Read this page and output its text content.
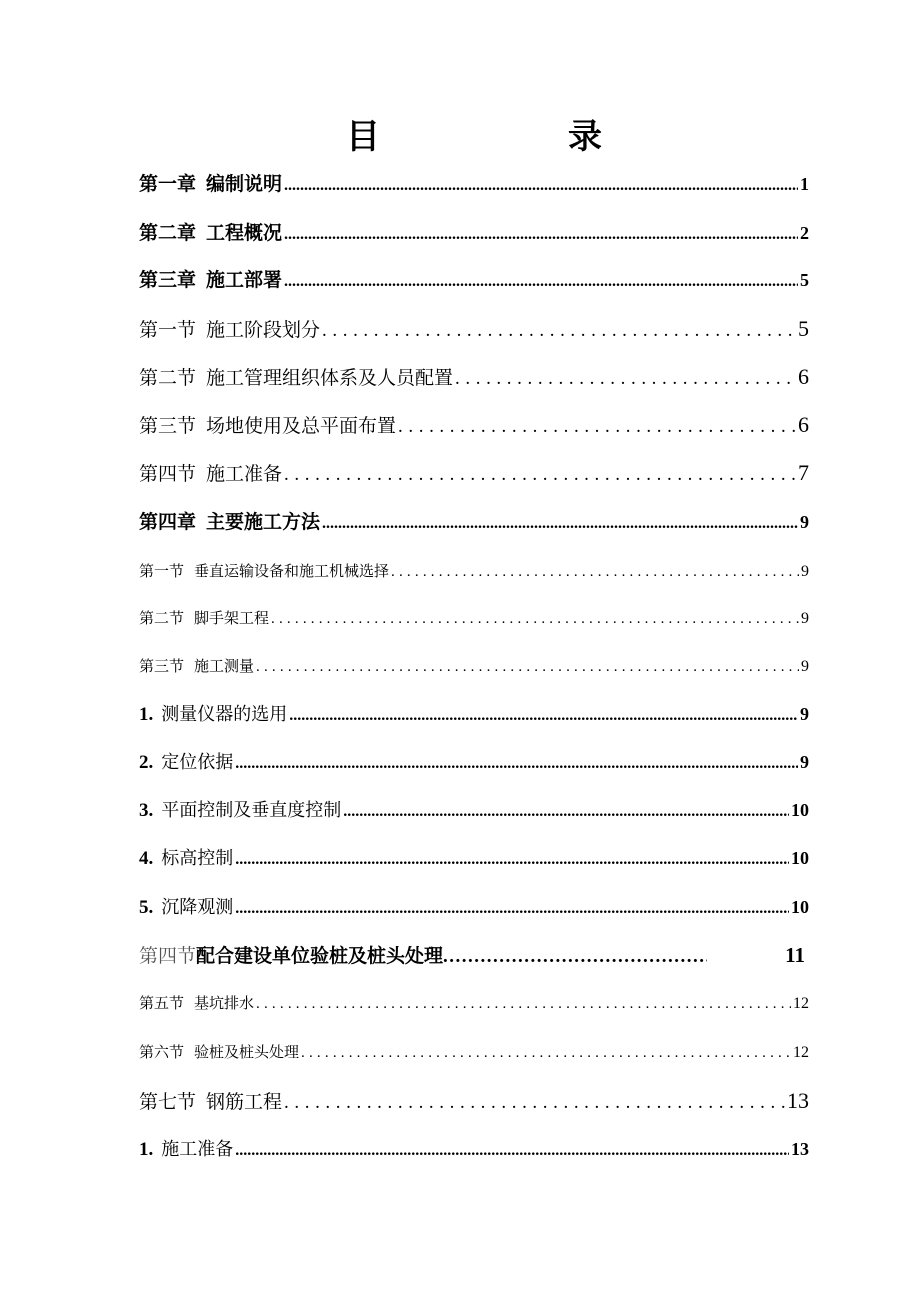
目	录
第一章 编制说明 .....	1
第二章 工程概况 .....	2
第三章 施工部署 .....	5
第一节 施工阶段划分 .....	5
第二节 施工管理组织体系及人员配置 .....	6
第三节 场地使用及总平面布置 .....	6
第四节 施工准备 .....	7
第四章 主要施工方法 .....	9
第一节 垂直运输设备和施工机械选择 .....	9
第二节 脚手架工程 .....	9
第三节 施工测量 .....	9
1. 测量仪器的选用 .....	9
2. 定位依据 .....	9
3. 平面控制及垂直度控制 .....	10
4. 标高控制 .....	10
5. 沉降观测 .....	10
第四节 配合建设单位验桩及桩头处理 .....	11
第五节 基坑排水 .....	12
第六节 验桩及桩头处理 .....	12
第七节 钢筋工程 .....	13
1. 施工准备 .....	13
